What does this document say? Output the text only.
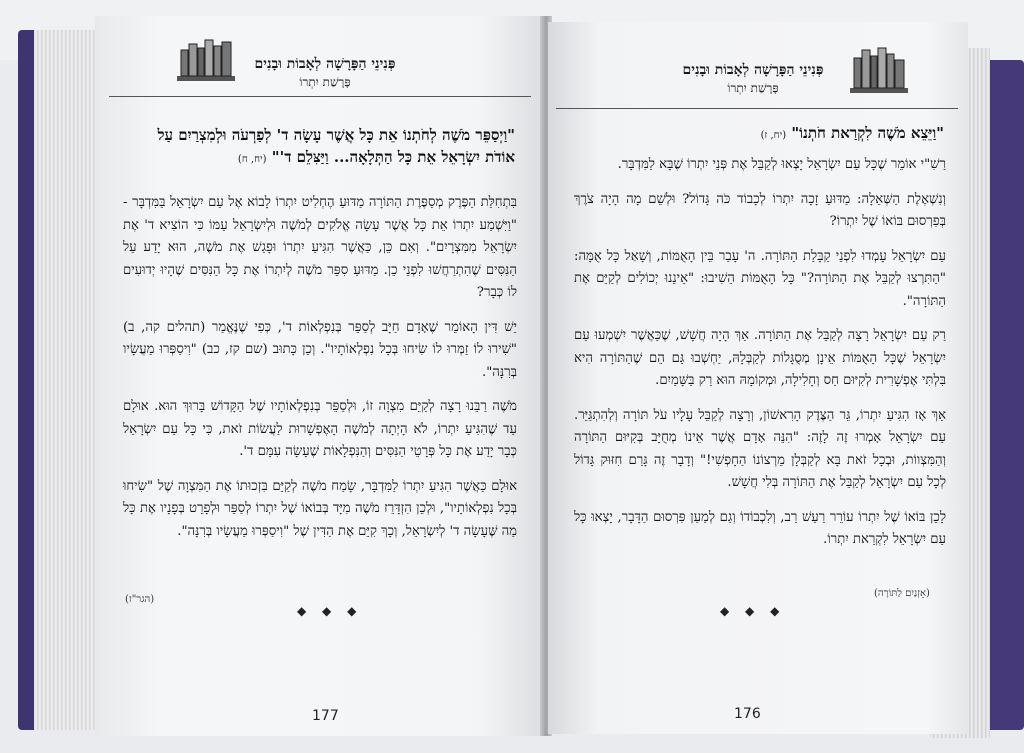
פְּנִינֵי הַפָּרָשָׁה לְאָבוֹת וּבָנִים
פָּרָשַׁת יִתְרוֹ
"וַיְסַפֵּר מֹשֶׁה לְחֹתְנוֹ אֵת כָּל אֲשֶׁר עָשָׂה ד' לְפַרְעֹה וּלְמִצְרַיִם עַל אוֹדֹת יִשְׂרָאֵל אֵת כָּל הַתְּלָאָה... וַיַּצִּלֵם ד'" (יח, ח)

בִּתְחִלַּת הַפֶּרֶק מְסַפֶּרֶת הַתּוֹרָה מַדּוּעַ הֶחְלִיט יִתְרוֹ לָבוֹא אֶל עַם יִשְׂרָאֵל בַּמִּדְבָּר - "וַיִּשְׁמַע יִתְרוֹ אֵת כָּל אֲשֶׁר עָשָׂה אֱלֹקִים לְמֹשֶׁה וּלְיִשְׂרָאֵל עַמּוֹ כִּי הוֹצִיא ד' אֶת יִשְׂרָאֵל מִמִּצְרָיִם". וְאִם כֵּן, כַּאֲשֶׁר הִגִּיעַ יִתְרוֹ וּפָגַשׁ אֶת מֹשֶׁה, הוּא יָדַע עַל הַנִּסִּים שֶׁהִתְרַחֲשׁוּ לִפְנֵי כֵן. מַדּוּעַ סִפֵּר מֹשֶׁה לְיִתְרוֹ אֶת כָּל הַנִּסִּים שֶׁהָיוּ יְדוּעִים לוֹ כְּבָר?

יֵשׁ דִּין הָאוֹמֵר שֶׁאָדָם חַיָּב לְסַפֵּר בְּנִפְלְאוֹת ד', כְּפִי שֶׁנֶּאֱמַר (תהלים קה, ב) "שִׁירוּ לוֹ זַמְּרוּ לוֹ שִׂיחוּ בְּכָל נִפְלְאוֹתָיו". וְכֵן כָּתוּב (שם קז, כב) "וִיסַפְּרוּ מַעֲשָׂיו בְּרִנָּה".

מֹשֶׁה רַבֵּנוּ רָצָה לְקַיֵּם מִצְוָה זוֹ, וּלְסַפֵּר בְּנִפְלְאוֹתָיו שֶׁל הַקָּדוֹשׁ בָּרוּךְ הוּא. אוּלָם עַד שֶׁהִגִּיעַ יִתְרוֹ, לֹא הָיְתָה לְמֹשֶׁה הָאֶפְשָׁרוּת לַעֲשׂוֹת זֹאת, כִּי כָּל עַם יִשְׂרָאֵל כְּבָר יָדַע אֶת כָּל פְּרָטֵי הַנִּסִּים וְהַנִּפְלָאוֹת שֶׁעָשָׂה עִמָּם ד'.

אוּלָם כַּאֲשֶׁר הִגִּיעַ יִתְרוֹ לַמִּדְבָּר, שָׂמַח מֹשֶׁה לְקַיֵּם בִּזְכוּתוֹ אֶת הַמִּצְוָה שֶׁל "שִׂיחוּ בְּכָל נִפְלְאוֹתָיו", וּלְכֵן הִזְדָּרֵז מֹשֶׁה מִיָּד בְּבוֹאוֹ שֶׁל יִתְרוֹ לְסַפֵּר וּלְפָרֵט בְּפָנָיו אֶת כָּל מַה שֶּׁעָשָׂה ד' לְיִשְׂרָאֵל, וְכָךְ קִיֵּם אֶת הַדִּין שֶׁל "וִיסַפְּרוּ מַעֲשָׂיו בְּרִנָּה".

(הגר"ז)
◆ ◆ ◆
177
פְּנִינֵי הַפָּרָשָׁה לְאָבוֹת וּבָנִים
פָּרָשַׁת יִתְרוֹ
"וַיֵּצֵא מֹשֶׁה לִקְרַאת חֹתְנוֹ" (יח, ז)

רַשִׁ"י אוֹמֵר שֶׁכָּל עַם יִשְׂרָאֵל יָצְאוּ לְקַבֵּל אֶת פְּנֵי יִתְרוֹ שֶׁבָּא לַמִּדְבָּר.

וְנִשְׁאֶלֶת הַשְּׁאֵלָה: מַדּוּעַ זָכָה יִתְרוֹ לְכָבוֹד כֹּה גָּדוֹל? וּלְשֵׁם מָה הָיָה צֹרֶךְ בְּפִרְסוּם בּוֹאוֹ שֶׁל יִתְרוֹ?

עַם יִשְׂרָאֵל עָמְדוּ לִפְנֵי קַבָּלַת הַתּוֹרָה. ה' עָבַר בֵּין הָאֻמּוֹת, וְשָׁאַל כָּל אֻמָּה: "הַתִּרְצוּ לְקַבֵּל אֶת הַתּוֹרָה?" כָּל הָאֻמּוֹת הֵשִׁיבוּ: "אֵינֵנוּ יְכוֹלִים לְקַיֵּם אֶת הַתּוֹרָה".

רַק עַם יִשְׂרָאֵל רָצָה לְקַבֵּל אֶת הַתּוֹרָה. אַךְ הָיָה חֲשָׁשׁ, שֶׁכַּאֲשֶׁר יִשְׁמְעוּ עַם יִשְׂרָאֵל שֶׁכָּל הָאֻמּוֹת אֵינָן מְסֻגָּלוֹת לְקַבְּלָהּ, יַחְשְׁבוּ גַּם הֵם שֶׁהַתּוֹרָה הִיא בִּלְתִּי אֶפְשָׁרִית לְקִיּוּם חַס וְחָלִילָה, וּמְקוֹמָהּ הוּא רַק בַּשָּׁמַיִם.

אַךְ אָז הִגִּיעַ יִתְרוֹ, גֵּר הַצֶּדֶק הָרִאשׁוֹן, וְרָצָה לְקַבֵּל עָלָיו עֹל תּוֹרָה וְלְהִתְגַּיֵּר. עַם יִשְׂרָאֵל אָמְרוּ זֶה לָזֶה: "הִנֵּה אָדָם אֲשֶׁר אֵינוֹ מְחֻיָּב בְּקִיּוּם הַתּוֹרָה וְהַמִּצְווֹת, וּבְכָל זֹאת בָּא לְקַבְּלָן מֵרְצוֹנוֹ הַחָפְשִׁי!" וְדָבָר זֶה גָּרַם חִזּוּק גָּדוֹל לְכָל עַם יִשְׂרָאֵל לְקַבֵּל אֶת הַתּוֹרָה בְּלִי חֲשָׁשׁ.

לָכֵן בּוֹאוֹ שֶׁל יִתְרוֹ עוֹרֵר רַעַשׁ רַב, וְלִכְבוֹדוֹ וְגַם לְמַעַן פִּרְסוּם הַדָּבָר, יָצְאוּ כָּל עַם יִשְׂרָאֵל לִקְרַאת יִתְרוֹ.

(אָזְנַיִם לַתּוֹרָה)
◆ ◆ ◆
176
